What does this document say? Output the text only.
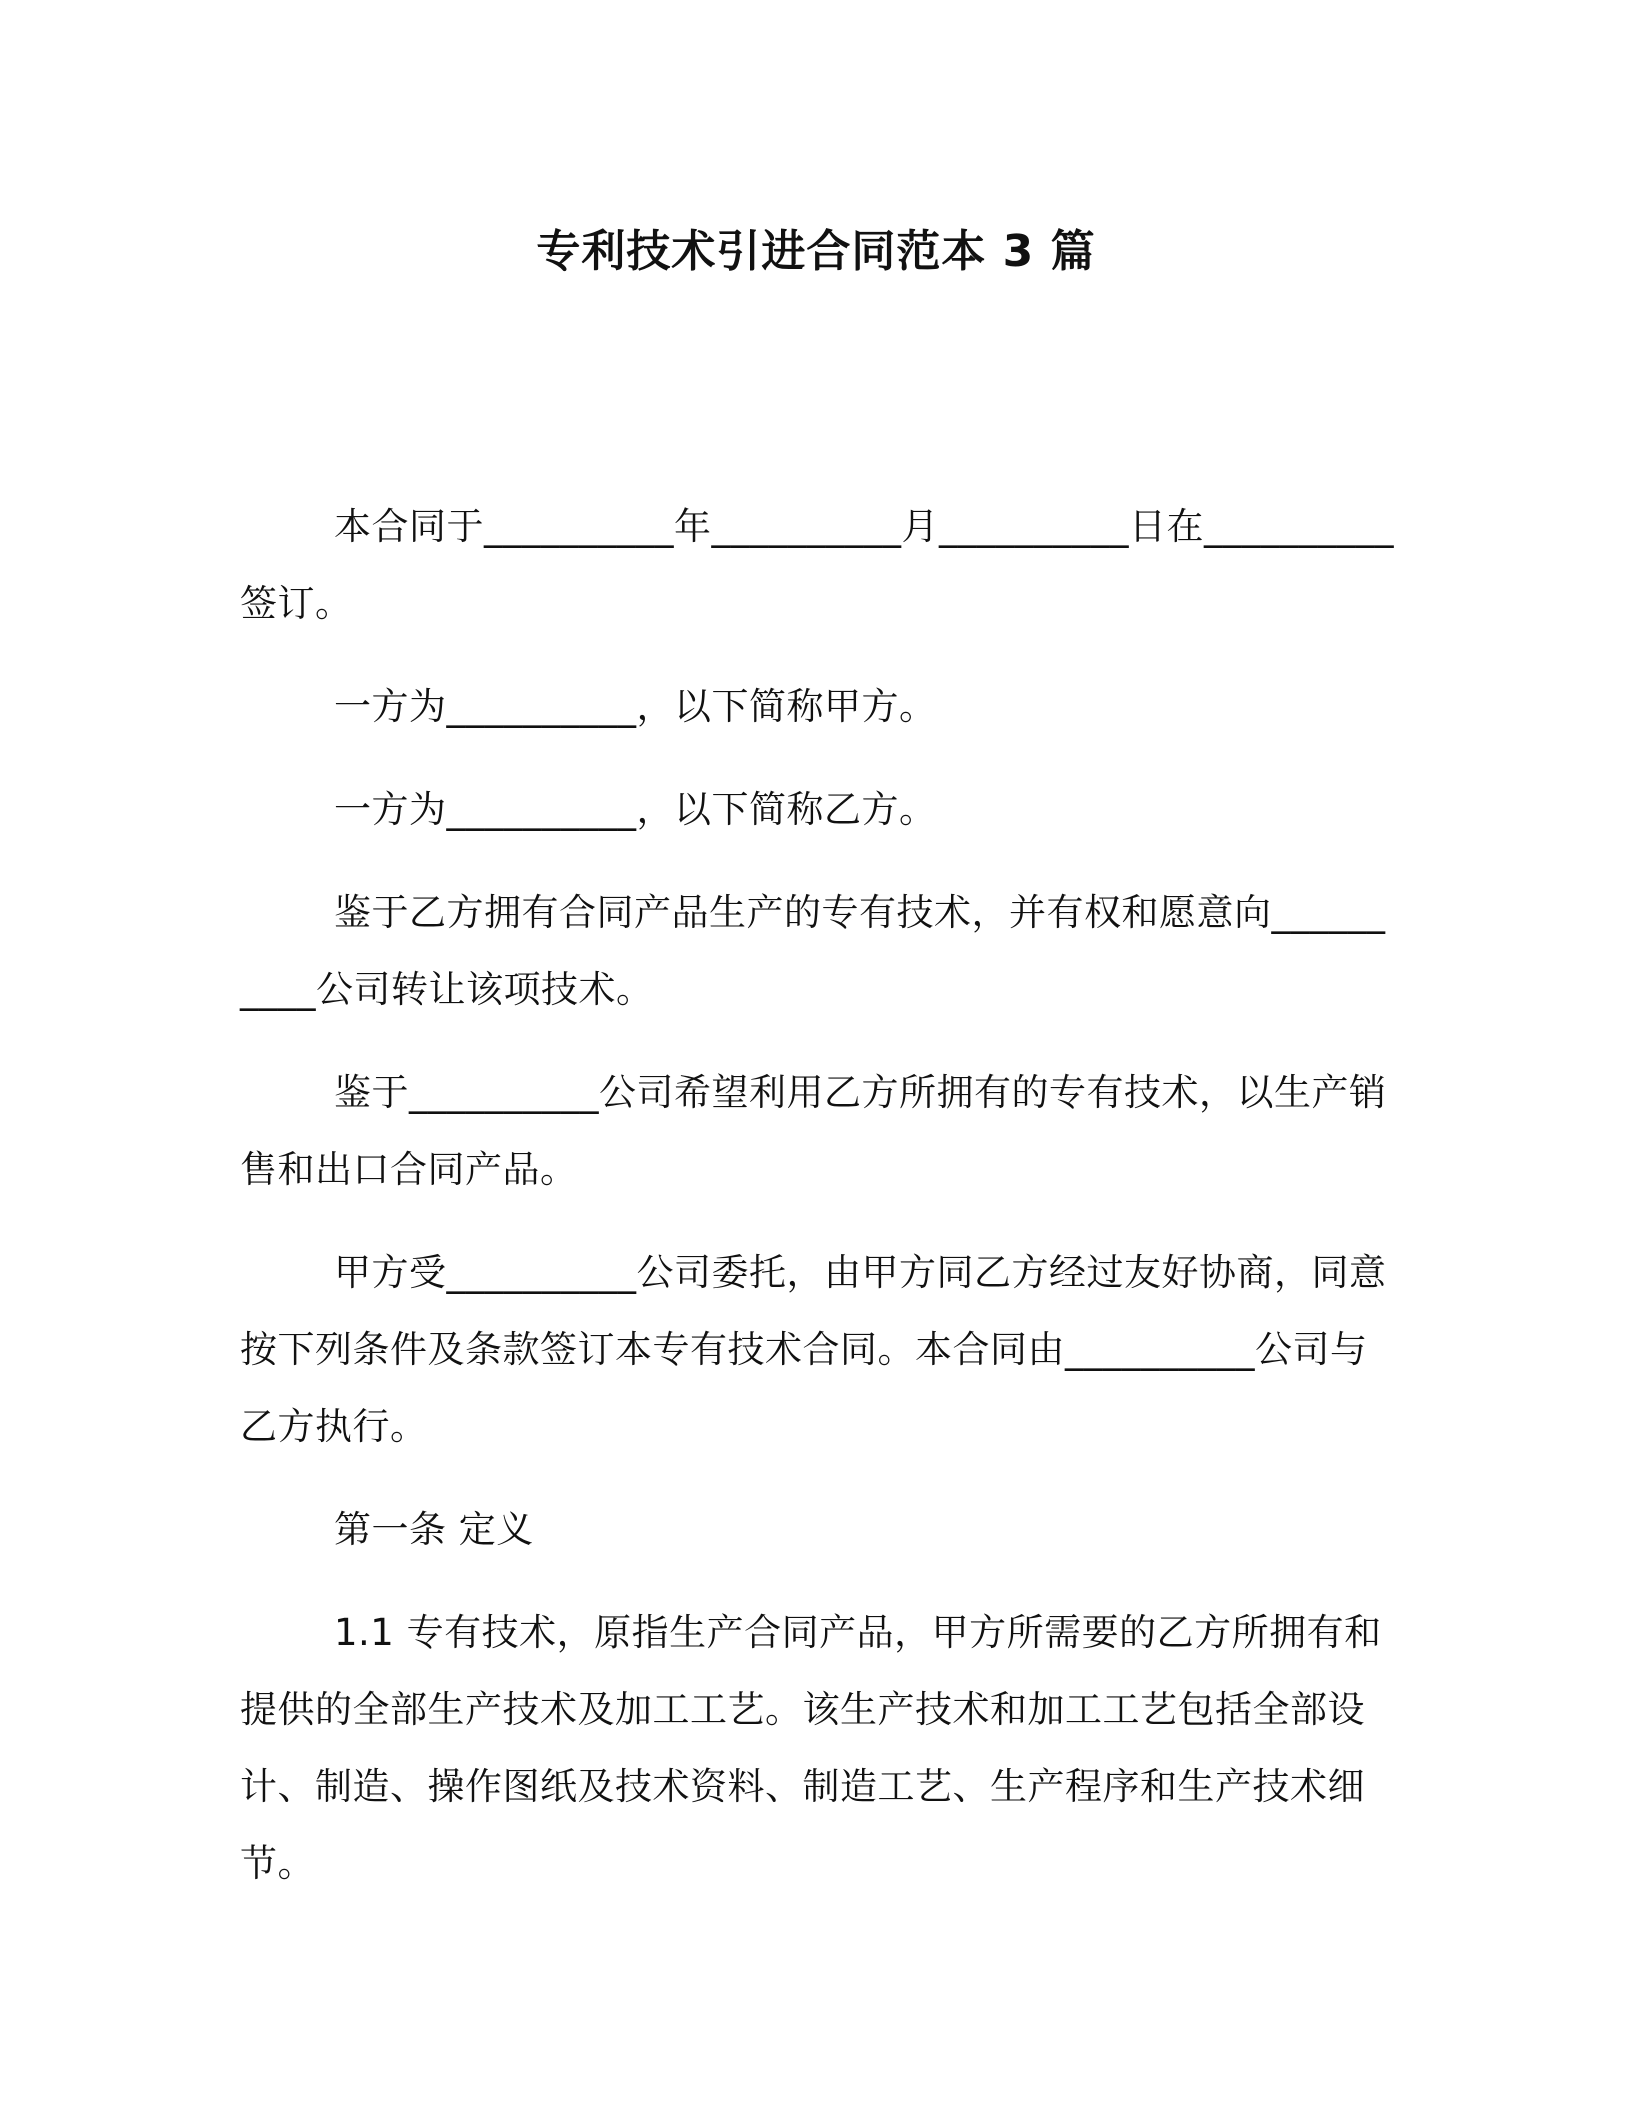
专利技术引进合同范本 3 篇

本合同于__________年__________月__________日在__________签订。

一方为__________，以下简称甲方。

一方为__________，以下简称乙方。

鉴于乙方拥有合同产品生产的专有技术，并有权和愿意向__________公司转让该项技术。

鉴于__________公司希望利用乙方所拥有的专有技术，以生产销售和出口合同产品。

甲方受__________公司委托，由甲方同乙方经过友好协商，同意按下列条件及条款签订本专有技术合同。本合同由__________公司与乙方执行。

第一条 定义

1.1 专有技术，原指生产合同产品，甲方所需要的乙方所拥有和提供的全部生产技术及加工工艺。该生产技术和加工工艺包括全部设计、制造、操作图纸及技术资料、制造工艺、生产程序和生产技术细节。
